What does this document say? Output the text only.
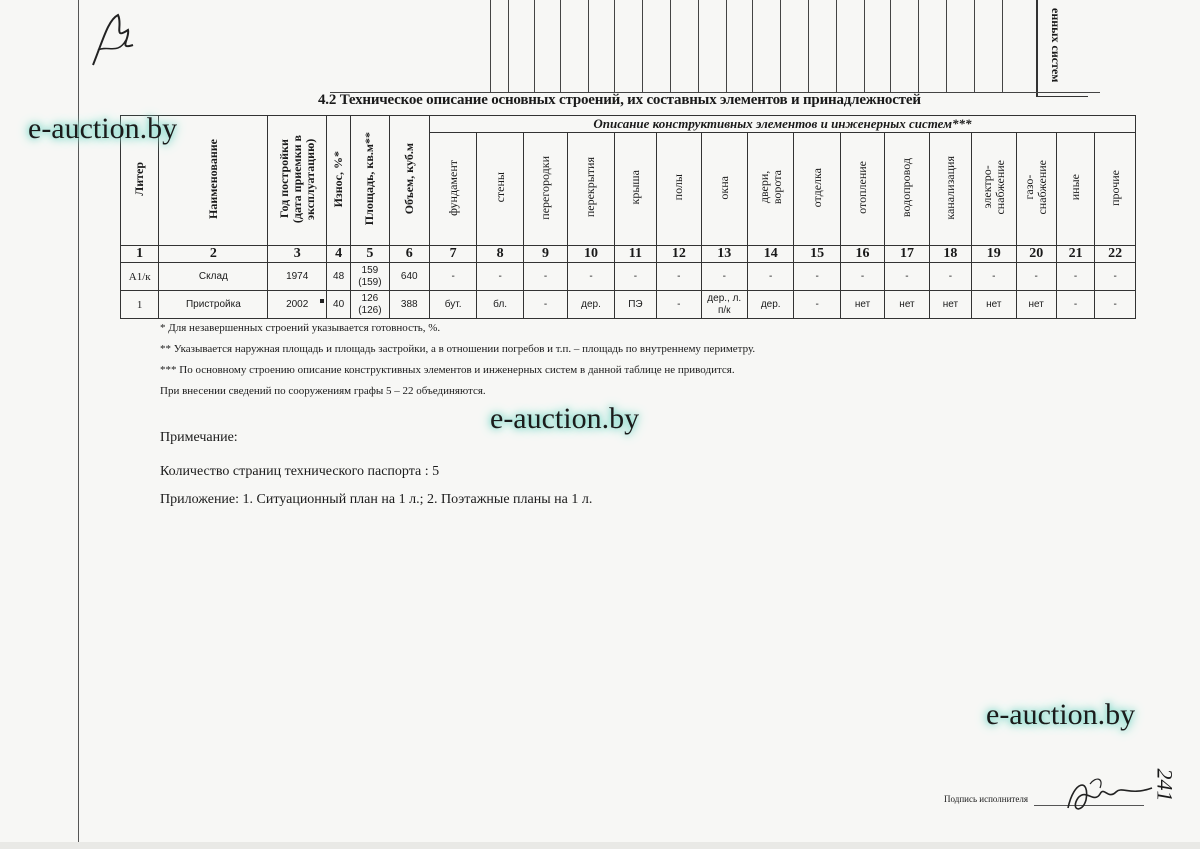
енных систем
4.2 Техническое описание основных строений, их составных элементов и принадлежностей
Литер	Наименование	Год постройки
(дата приемки в
эксплуатацию)	Износ, %*	Площадь, кв.м**	Объем, куб.м	Описание конструктивных элементов и инженерных систем***															
						фундамент	стены	перегородки	перекрытия	крыша	полы	окна	двери,
ворота	отделка	отопление	водопровод	канализация	электро-
снабжение	газо-
снабжение	иные	прочие
1	2	3	4	5	6	7	8	9	10	11	12	13	14	15	16	17	18	19	20	21	22
А1/к	Склад	1974	48	159
(159)	640	-	-	-	-	-	-	-	-	-	-	-	-	-	-	-	-
1	Пристройка	2002	40	126
(126)	388	бут.	бл.	-	дер.	ПЭ	-	дер., л.
п/к	дер.	-	нет	нет	нет	нет	нет	-	-

* Для незавершенных строений указывается готовность, %.

** Указывается наружная площадь и площадь застройки, а в отношении погребов и т.п. – площадь по внутреннему периметру.

*** По основному строению описание конструктивных элементов и инженерных систем в данной таблице не приводится.

При внесении сведений по сооружениям графы 5 – 22 объединяются.

Примечание:
Количество страниц технического паспорта : 5
Приложение: 1. Ситуационный план на 1 л.; 2. Поэтажные планы на 1 л.
e-auction.by
e-auction.by
e-auction.by
Подпись исполнителя	241
